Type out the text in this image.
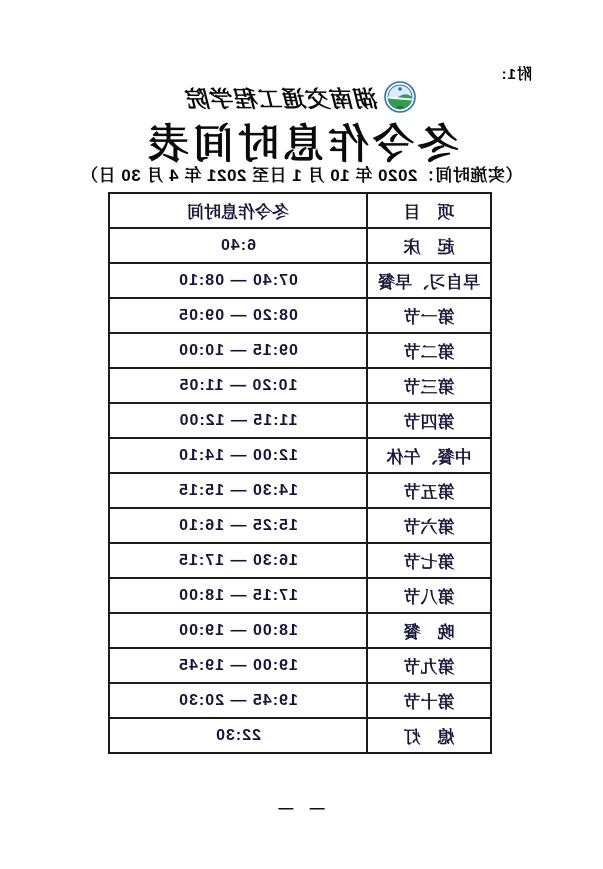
附1:
湖南交通工程学院
冬令作息时间表
（实施时间：2020 年 10 月 1 日至 2021 年 4 月 30 日）
项　目	冬令作息时间
起　床	6:40
早自习、早餐	07:40 — 08:10
第一节	08:20 — 09:05
第二节	09:15 — 10:00
第三节	10:20 — 11:05
第四节	11:15 — 12:00
中餐、午休	12:00 — 14:10
第五节	14:30 — 15:15
第六节	15:25 — 16:10
第七节	16:30 — 17:15
第八节	17:15 — 18:00
晚　餐	18:00 — 19:00
第九节	19:00 — 19:45
第十节	19:45 — 20:30
熄　灯	22:30
— —
